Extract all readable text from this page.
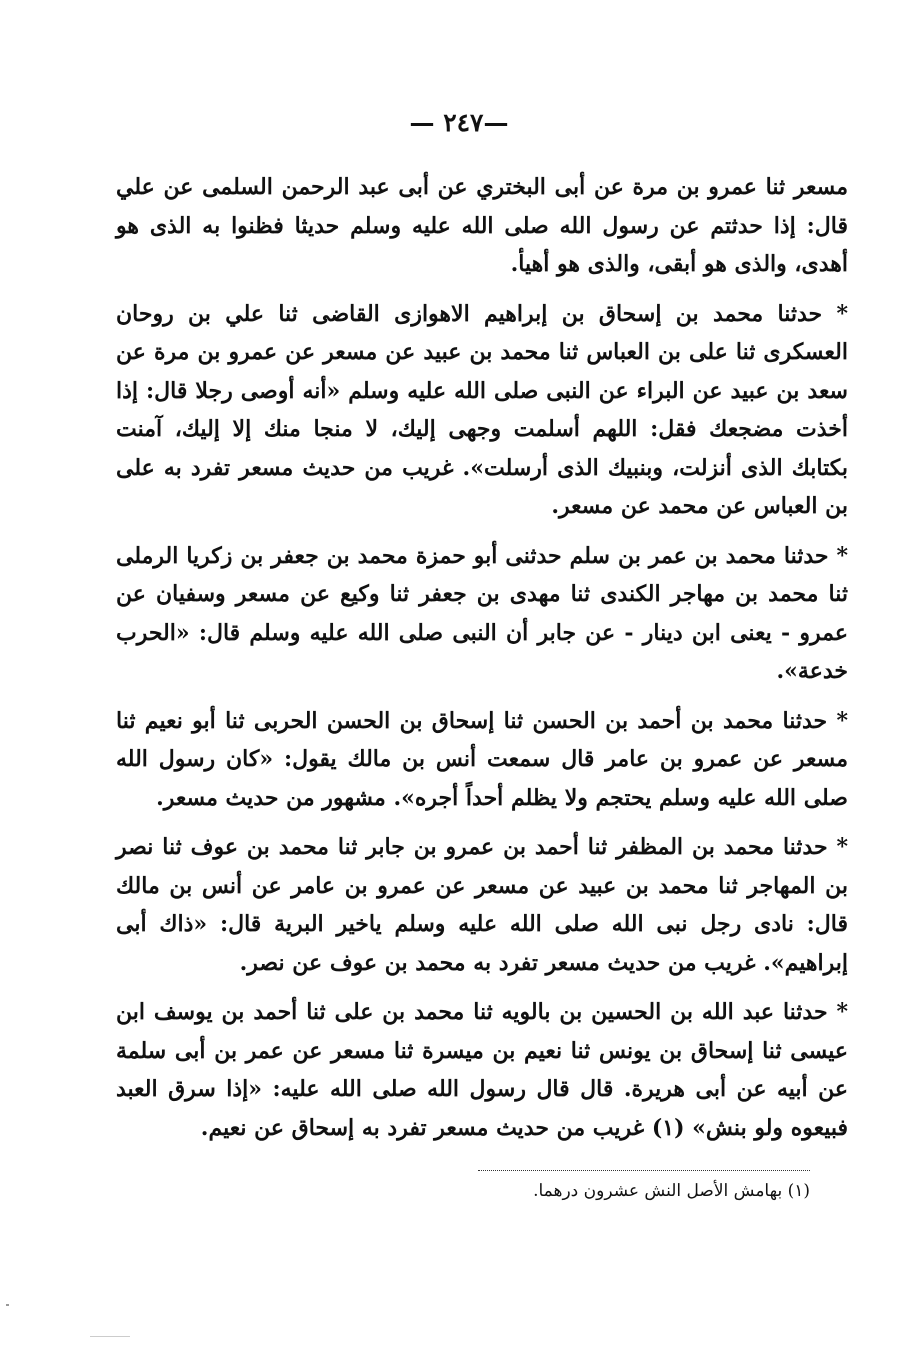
—٢٤٧ —

مسعر ثنا عمرو بن مرة عن أبى البختري عن أبى عبد الرحمن السلمى عن علي قال: إذا حدثتم عن رسول الله صلى الله عليه وسلم حديثا فظنوا به الذى هو أهدى، والذى هو أبقى، والذى هو أهيأ.

* حدثنا محمد بن إسحاق بن إبراهيم الاهوازى القاضى ثنا علي بن روحان العسكرى ثنا على بن العباس ثنا محمد بن عبيد عن مسعر عن عمرو بن مرة عن سعد بن عبيد عن البراء عن النبى صلى الله عليه وسلم «أنه أوصى رجلا قال: إذا أخذت مضجعك فقل: اللهم أسلمت وجهى إليك، لا منجا منك إلا إليك، آمنت بكتابك الذى أنزلت، وبنبيك الذى أرسلت». غريب من حديث مسعر تفرد به على بن العباس عن محمد عن مسعر.

* حدثنا محمد بن عمر بن سلم حدثنى أبو حمزة محمد بن جعفر بن زكريا الرملى ثنا محمد بن مهاجر الكندى ثنا مهدى بن جعفر ثنا وكيع عن مسعر وسفيان عن عمرو - يعنى ابن دينار - عن جابر أن النبى صلى الله عليه وسلم قال: «الحرب خدعة».

* حدثنا محمد بن أحمد بن الحسن ثنا إسحاق بن الحسن الحربى ثنا أبو نعيم ثنا مسعر عن عمرو بن عامر قال سمعت أنس بن مالك يقول: «كان رسول الله صلى الله عليه وسلم يحتجم ولا يظلم أحداً أجره». مشهور من حديث مسعر.

* حدثنا محمد بن المظفر ثنا أحمد بن عمرو بن جابر ثنا محمد بن عوف ثنا نصر بن المهاجر ثنا محمد بن عبيد عن مسعر عن عمرو بن عامر عن أنس بن مالك قال: نادى رجل نبى الله صلى الله عليه وسلم ياخير البرية قال: «ذاك أبى إبراهيم». غريب من حديث مسعر تفرد به محمد بن عوف عن نصر.

* حدثنا عبد الله بن الحسين بن بالويه ثنا محمد بن على ثنا أحمد بن يوسف ابن عيسى ثنا إسحاق بن يونس ثنا نعيم بن ميسرة ثنا مسعر عن عمر بن أبى سلمة عن أبيه عن أبى هريرة. قال قال رسول الله صلى الله عليه: «إذا سرق العبد فبيعوه ولو بنش» (١) غريب من حديث مسعر تفرد به إسحاق عن نعيم.

(١) بهامش الأصل النش عشرون درهما.
